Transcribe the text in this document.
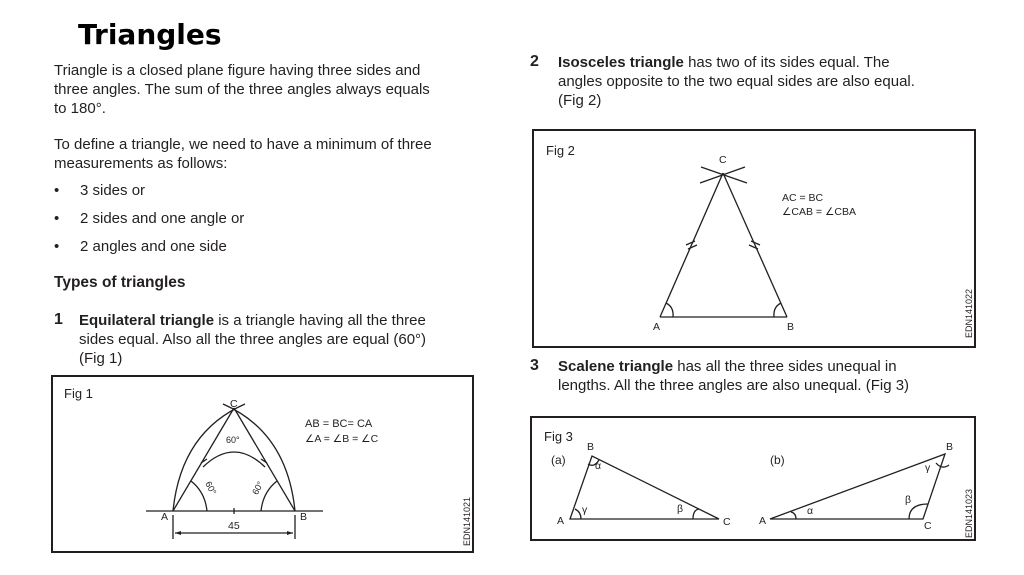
Triangles
Triangle is a closed plane figure having three sides and
three angles. The sum of the three angles always equals
to 180°.
To define a triangle, we need to have a minimum of three
measurements as follows:
• 3 sides or
• 2 sides and one angle or
• 2 angles and one side
Types of triangles
1 Equilateral triangle is a triangle having all the three
sides equal. Also all the three angles are equal (60°)
(Fig 1)
Fig 1
AB = BC= CA
∠A = ∠B = ∠C
60°
60°	60°
45
A	B
C
EDN141021
2 Isosceles triangle has two of its sides equal. The
angles opposite to the two equal sides are also equal.
(Fig 2)
Fig 2
AC = BC
∠CAB = ∠CBA
A	B
C
EDN141022
3 Scalene triangle has all the three sides unequal in
lengths. All the three angles are also unequal. (Fig 3)
Fig 3
(a)	(b)
A
B
C
α
β
γ
A
B
C
α
β
γ
EDN141023
